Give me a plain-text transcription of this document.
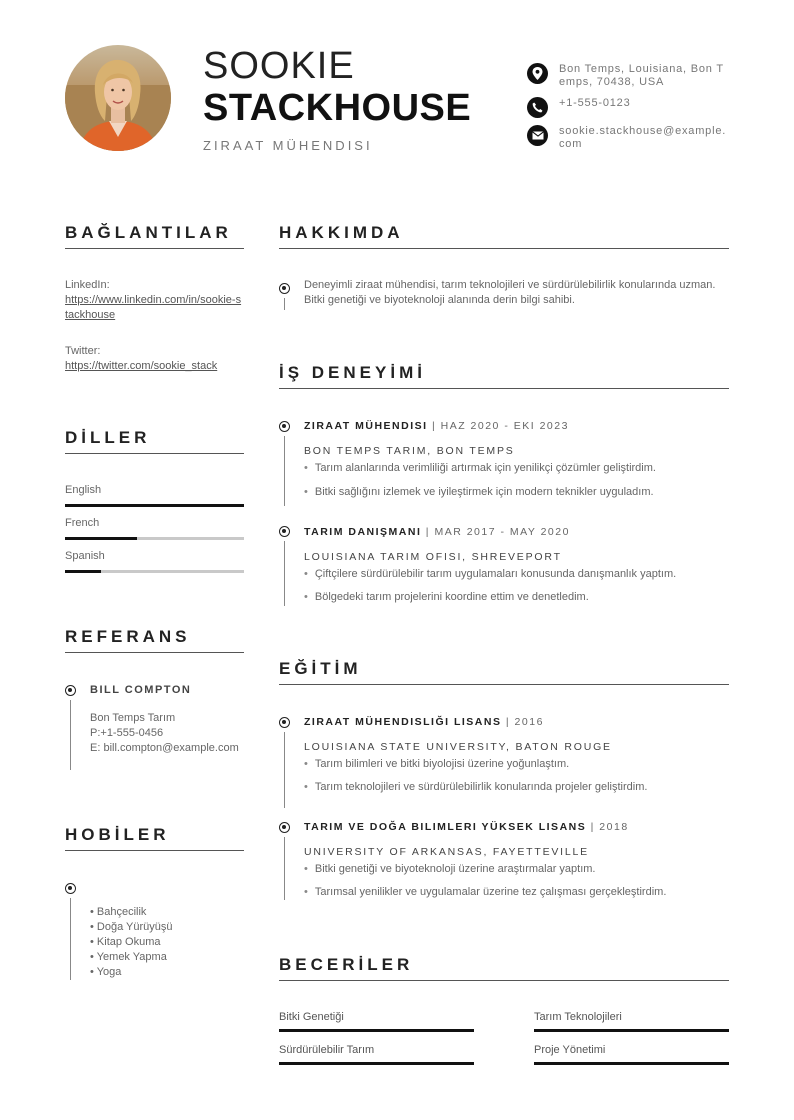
SOOKIE
STACKHOUSE
ZIRAAT MÜHENDISI
Bon Temps, Louisiana, Bon Temps, 70438, USA
+1-555-0123
sookie.stackhouse@example.com
BAĞLANTILAR
LinkedIn:
https://www.linkedin.com/in/sookie-stackhouse
Twitter:
https://twitter.com/sookie_stack
DİLLER
English
French
Spanish
REFERANS
BILL COMPTON
Bon Temps Tarım
P:+1-555-0456
E: bill.compton@example.com
HOBİLER
• Bahçecilik
• Doğa Yürüyüşü
• Kitap Okuma
• Yemek Yapma
• Yoga
HAKKIMDA
Deneyimli ziraat mühendisi, tarım teknolojileri ve sürdürülebilirlik konularında uzman. Bitki genetiği ve biyoteknoloji alanında derin bilgi sahibi.
İŞ DENEYİMİ
ZIRAAT MÜHENDISI | HAZ 2020 - EKI 2023
BON TEMPS TARIM, BON TEMPS
• Tarım alanlarında verimliliği artırmak için yenilikçi çözümler geliştirdim.
• Bitki sağlığını izlemek ve iyileştirmek için modern teknikler uyguladım.
TARIM DANIŞMANI | MAR 2017 - MAY 2020
LOUISIANA TARIM OFISI, SHREVEPORT
• Çiftçilere sürdürülebilir tarım uygulamaları konusunda danışmanlık yaptım.
• Bölgedeki tarım projelerini koordine ettim ve denetledim.
EĞİTİM
ZIRAAT MÜHENDISLIĞI LISANS | 2016
LOUISIANA STATE UNIVERSITY, BATON ROUGE
• Tarım bilimleri ve bitki biyolojisi üzerine yoğunlaştım.
• Tarım teknolojileri ve sürdürülebilirlik konularında projeler geliştirdim.
TARIM VE DOĞA BILIMLERI YÜKSEK LISANS | 2018
UNIVERSITY OF ARKANSAS, FAYETTEVILLE
• Bitki genetiği ve biyoteknoloji üzerine araştırmalar yaptım.
• Tarımsal yenilikler ve uygulamalar üzerine tez çalışması gerçekleştirdim.
BECERİLER
Bitki Genetiği	Tarım Teknolojileri
Sürdürülebilir Tarım	Proje Yönetimi
